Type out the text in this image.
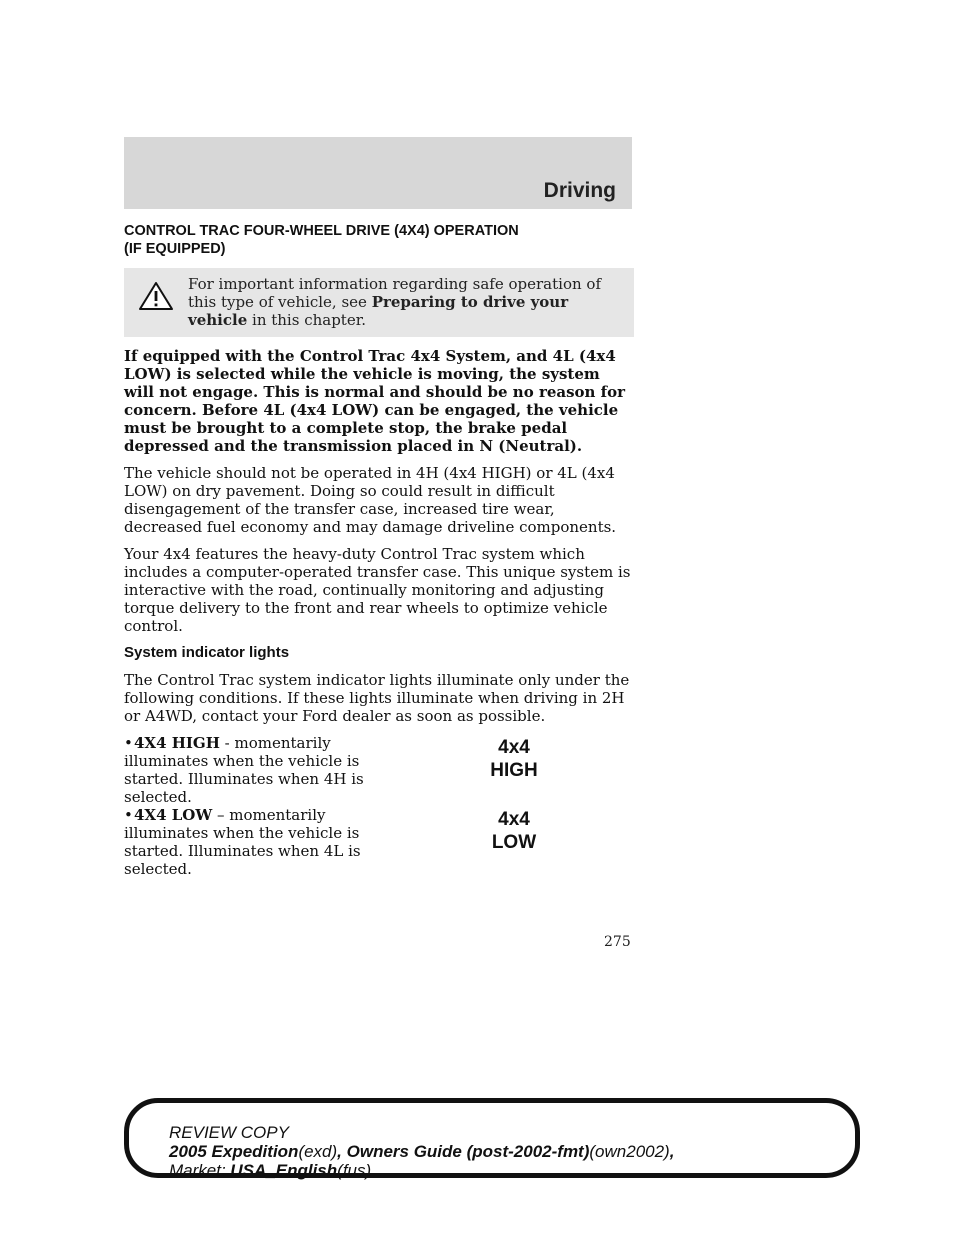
Driving
CONTROL TRAC FOUR-WHEEL DRIVE (4X4) OPERATION
(IF EQUIPPED)
For important information regarding safe operation of this type of vehicle, see Preparing to drive your vehicle in this chapter.

If equipped with the Control Trac 4x4 System, and 4L (4x4 LOW) is selected while the vehicle is moving, the system will not engage. This is normal and should be no reason for concern. Before 4L (4x4 LOW) can be engaged, the vehicle must be brought to a complete stop, the brake pedal depressed and the transmission placed in N (Neutral).

The vehicle should not be operated in 4H (4x4 HIGH) or 4L (4x4 LOW) on dry pavement. Doing so could result in difficult disengagement of the transfer case, increased tire wear, decreased fuel economy and may damage driveline components.

Your 4x4 features the heavy-duty Control Trac system which includes a computer-operated transfer case. This unique system is interactive with the road, continually monitoring and adjusting torque delivery to the front and rear wheels to optimize vehicle control.

System indicator lights

The Control Trac system indicator lights illuminate only under the following conditions. If these lights illuminate when driving in 2H or A4WD, contact your Ford dealer as soon as possible.

•4X4 HIGH - momentarily illuminates when the vehicle is started. Illuminates when 4H is selected.
4x4
HIGH
•4X4 LOW – momentarily illuminates when the vehicle is started. Illuminates when 4L is selected.
4x4
LOW
275
REVIEW COPY
2005 Expedition(exd), Owners Guide (post-2002-fmt)(own2002),
Market: USA_English(fus)
